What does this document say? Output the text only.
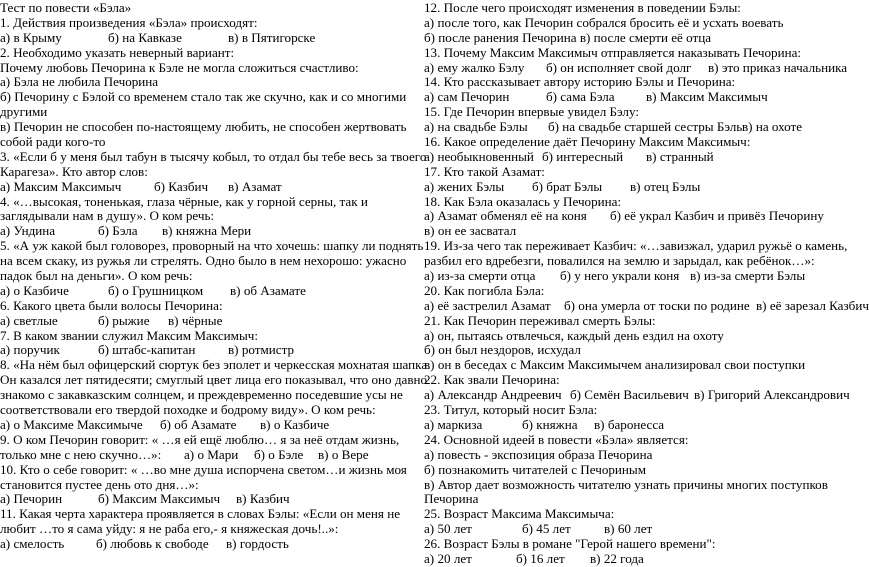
Тест по повести «Бэла»
1. Действия произведения «Бэла» происходят:
а) в Крыму	б) на Кавказе	в) в Пятигорске
2. Необходимо указать неверный вариант:
Почему любовь Печорина к Бэле не могла сложиться счастливо:
а) Бэла не любила Печорина
б) Печорину с Бэлой со временем стало так же скучно, как и со многими
другими
в) Печорин не способен по-настоящему любить, не способен жертвовать
собой ради кого-то
3. «Если б у меня был табун в тысячу кобыл, то отдал бы тебе весь за твоего
Карагеза». Кто автор слов:
а) Максим Максимыч б) Казбич в) Азамат
4. «…высокая, тоненькая, глаза чёрные, как у горной серны, так и
заглядывали нам в душу». О ком речь:
а) Ундина	б) Бэла в) княжна Мери
5. «А уж какой был головорез, проворный на что хочешь: шапку ли поднять
на всем скаку, из ружья ли стрелять. Одно было в нем нехорошо: ужасно
падок был на деньги». О ком речь:
а) о Казбиче	б) о Грушницком в) об Азамате
6. Какого цвета были волосы Печорина:
а) светлые	б) рыжие в) чёрные
7. В каком звании служил Максим Максимыч:
а) поручик	б) штабс-капитан в) ротмистр
8. «На нём был офицерский сюртук без эполет и черкесская мохнатая шапка.
Он казался лет пятидесяти; смуглый цвет лица его показывал, что оно давно
знакомо с закавказским солнцем, и преждевременно поседевшие усы не
соответствовали его твердой походке и бодрому виду». О ком речь:
а) о Максиме Максимыче б) об Азамате в) о Казбиче
9. О ком Печорин говорит: « …я ей ещё люблю… я за неё отдам жизнь,
только мне с нею скучно…»: а) о Мари б) о Бэле в) о Вере
10. Кто о себе говорит: « …во мне душа испорчена светом…и жизнь моя
становится пустее день ото дня…»:
а) Печорин	б) Максим Максимыч в) Казбич
11. Какая черта характера проявляется в словах Бэлы: «Если он меня не
любит …то я сама уйду: я не раба его,- я княжеская дочь!..»:
а) смелость б) любовь к свободе в) гордость
12. После чего происходят изменения в поведении Бэлы:
а) после того, как Печорин собрался бросить её и усхать воевать
б) после ранения Печорина в) после смерти её отца
13. Почему Максим Максимыч отправляется наказывать Печорина:
а) ему жалко Бэлу б) он исполняет свой долг в) это приказ начальника
14. Кто рассказывает автору историю Бэлы и Печорина:
а) сам Печорин	б) сама Бэла в) Максим Максимыч
15. Где Печорин впервые увидел Бэлу:
а) на свадьбе Бэлы б) на свадьбе старшей сестры Бэлы
в) на охоте
16. Какое определение даёт Печорину Максим Максимыч:
а) необыкновенный б) интересный в) странный
17. Кто такой Азамат:
а) жених Бэлы б) брат Бэлы в) отец Бэлы
18. Как Бэла оказалась у Печорина:
а) Азамат обменял её на коня б) её украл Казбич и привёз Печорину
в) он ее засватал
19. Из-за чего так переживает Казбич: «…завизжал, ударил ружьё о камень,
разбил его вдребезги, повалился на землю и зарыдал, как ребёнок…»:
а) из-за смерти отца б) у него украли коня в) из-за смерти Бэлы
20. Как погибла Бэла:
а) её застрелил Азамат б) она умерла от тоски по родине в) её зарезал Казбич
21. Как Печорин переживал смерть Бэлы:
а) он, пытаясь отвлечься, каждый день ездил на охоту
б) он был нездоров, исхудал
в) он в беседах с Максим Максимычем анализировал свои поступки
22. Как звали Печорина:
а) Александр Андреевич б) Семён Васильевич в) Григорий Александрович
23. Титул, который носит Бэла:
а) маркиза	б) княжна в) баронесса
24. Основной идеей в повести «Бэла» является:
а) повесть - экспозиция образа Печорина
б) познакомить читателей с Печориным
в) Автор дает возможность читателю узнать причины многих поступков
Печорина
25. Возраст Максима Максимыча:
а) 50 лет	б) 45 лет	в) 60 лет
26. Возраст Бэлы в романе "Герой нашего времени":
а) 20 лет	б) 16 лет в) 22 года
